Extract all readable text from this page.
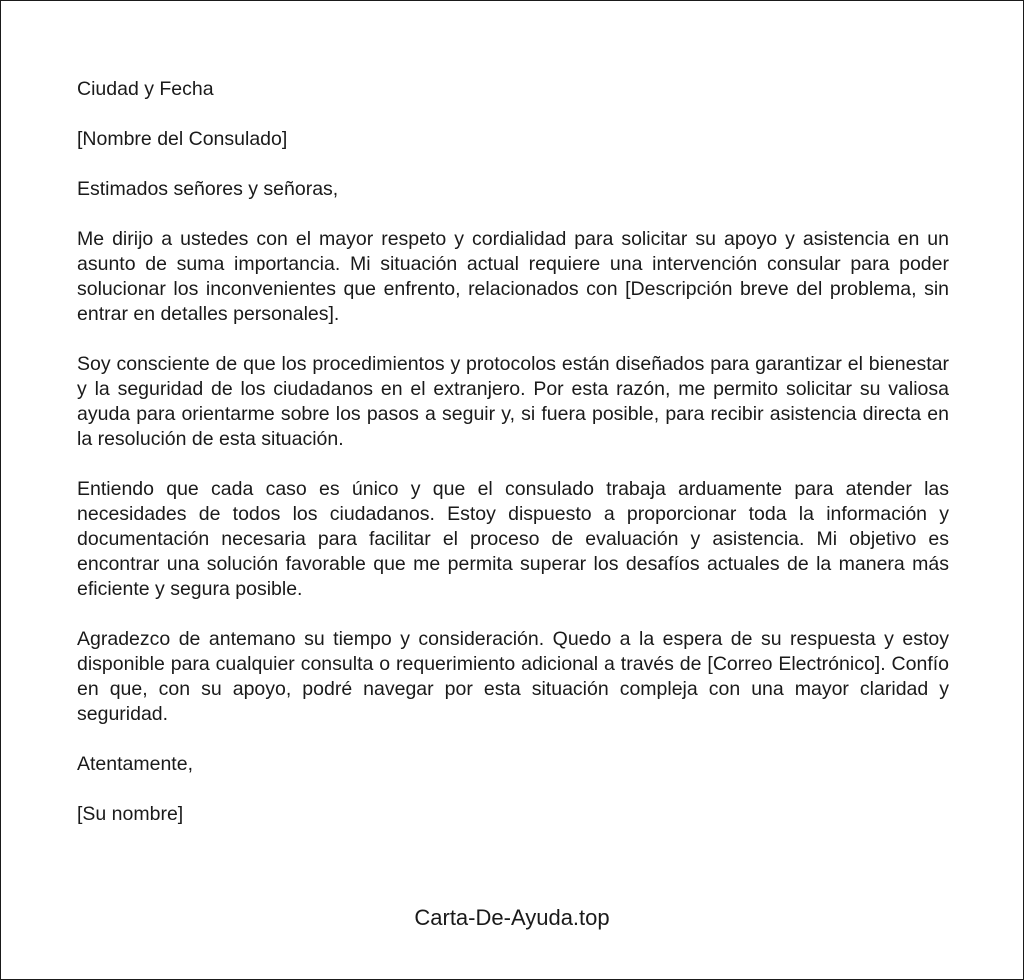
Ciudad y Fecha

[Nombre del Consulado]

Estimados señores y señoras,

Me dirijo a ustedes con el mayor respeto y cordialidad para solicitar su apoyo y asistencia en un asunto de suma importancia. Mi situación actual requiere una intervención consular para poder solucionar los inconvenientes que enfrento, relacionados con [Descripción breve del problema, sin entrar en detalles personales].

Soy consciente de que los procedimientos y protocolos están diseñados para garantizar el bienestar y la seguridad de los ciudadanos en el extranjero. Por esta razón, me permito solicitar su valiosa ayuda para orientarme sobre los pasos a seguir y, si fuera posible, para recibir asistencia directa en la resolución de esta situación.

Entiendo que cada caso es único y que el consulado trabaja arduamente para atender las necesidades de todos los ciudadanos. Estoy dispuesto a proporcionar toda la información y documentación necesaria para facilitar el proceso de evaluación y asistencia. Mi objetivo es encontrar una solución favorable que me permita superar los desafíos actuales de la manera más eficiente y segura posible.

Agradezco de antemano su tiempo y consideración. Quedo a la espera de su respuesta y estoy disponible para cualquier consulta o requerimiento adicional a través de [Correo Electrónico]. Confío en que, con su apoyo, podré navegar por esta situación compleja con una mayor claridad y seguridad.

Atentamente,

[Su nombre]

Carta-De-Ayuda.top
